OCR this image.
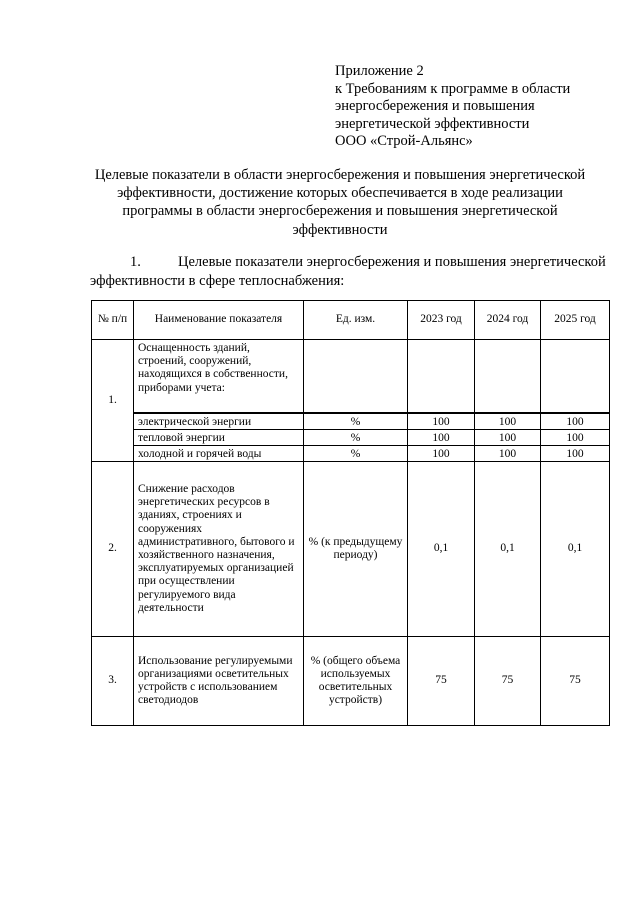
Приложение 2
к Требованиям к программе в области
энергосбережения и повышения
энергетической эффективности
ООО «Строй-Альянс»
Целевые показатели в области энергосбережения и повышения энергетической
эффективности, достижение которых обеспечивается в ходе реализации
программы в области энергосбережения и повышения энергетической
эффективности
1.	Целевые показатели энергосбережения и повышения энергетической
эффективности в сфере теплоснабжения:
№ п/п	Наименование показателя	Ед. изм.	2023 год	2024 год	2025 год
1.	Оснащенность зданий, строений, сооружений, находящихся в собственности, приборами учета:				
	электрической энергии	%	100	100	100
	тепловой энергии	%	100	100	100
	холодной и горячей воды	%	100	100	100
2.	Снижение расходов энергетических ресурсов в зданиях, строениях и сооружениях административного, бытового и хозяйственного назначения, эксплуатируемых организацией при осуществлении регулируемого вида деятельности	% (к предыдущему периоду)	0,1	0,1	0,1
3.	Использование регулируемыми организациями осветительных устройств с использованием светодиодов	% (общего объема используемых осветительных устройств)	75	75	75
